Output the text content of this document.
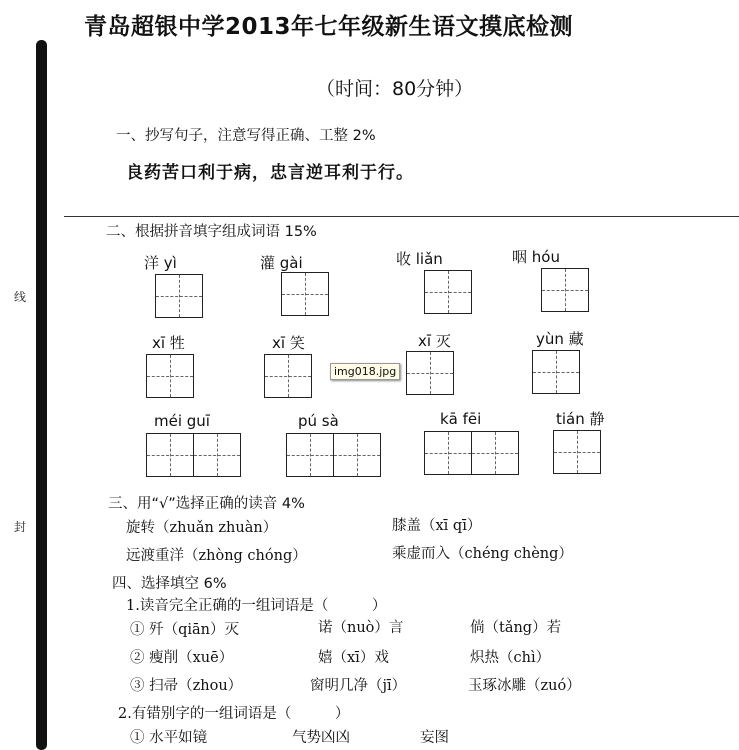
线
封
青岛超银中学2013年七年级新生语文摸底检测
（时间：80分钟）
一、抄写句子，注意写得正确、工整 2%
良药苦口利于病，忠言逆耳利于行。
二、根据拼音填字组成词语 15%
洋 yì	灌 gài	收 liǎn	咽 hóu
xī 牲	xī 笑	xī 灭	yùn 藏
img018.jpg
méi guī	pú sà	kā fēi	tián 静
三、用“√”选择正确的读音 4%
旋转（zhuǎn zhuàn）	膝盖（xī qī）
远渡重洋（zhòng chóng）	乘虚而入（chéng chèng）
四、选择填空 6%
1.读音完全正确的一组词语是（　　　）
① 歼（qiān）灭	诺（nuò）言	倘（tǎng）若
② 瘦削（xuē）	嬉（xī）戏	炽热（chì）
③ 扫帚（zhou）	窗明几净（jī）	玉琢冰雕（zuó）
2.有错别字的一组词语是（　　　）
① 水平如镜	气势凶凶	妄图
